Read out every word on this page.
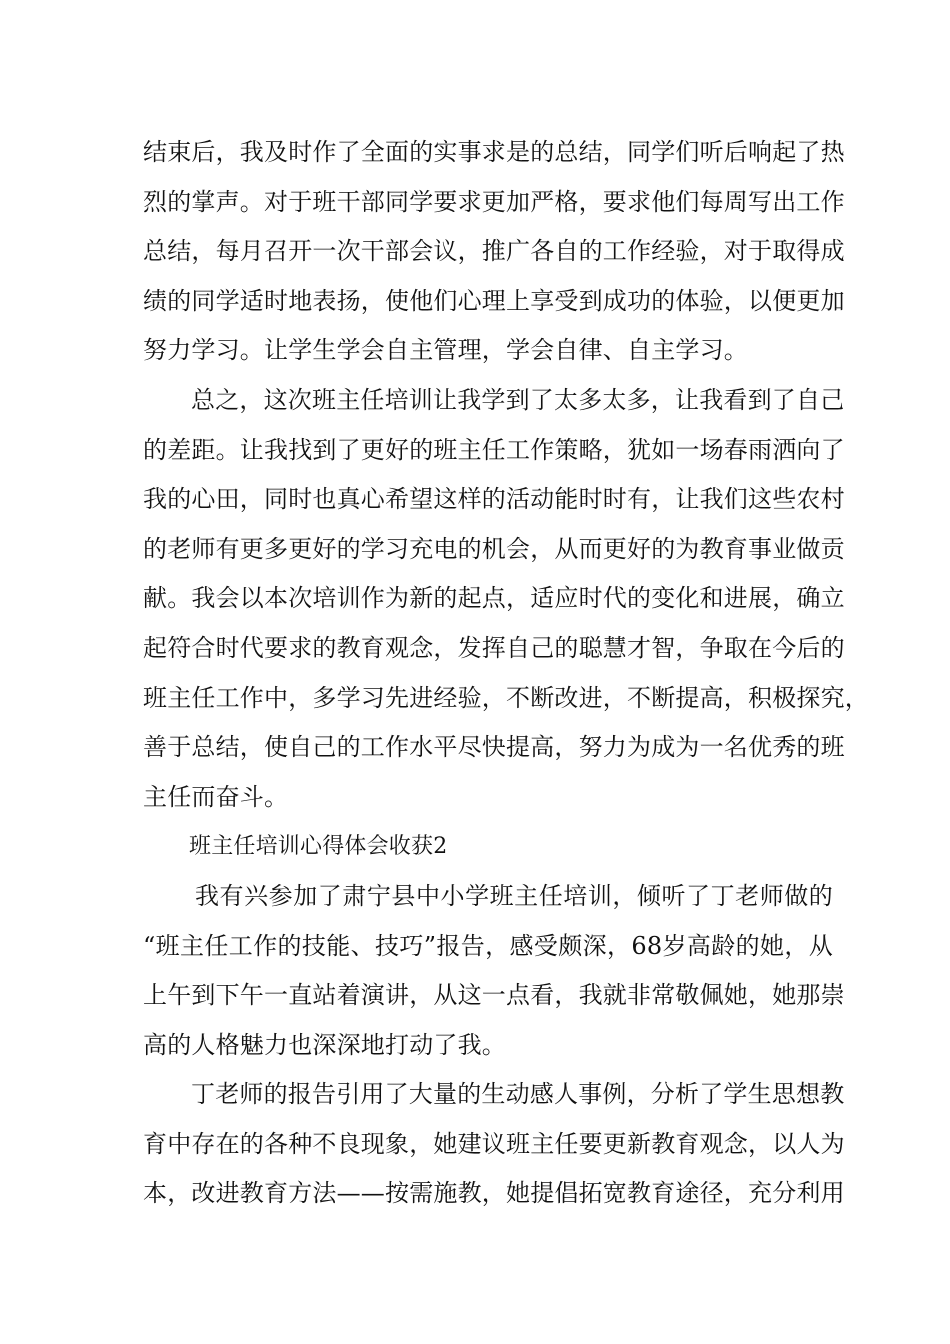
结束后，我及时作了全面的实事求是的总结，同学们听后响起了热
烈的掌声。对于班干部同学要求更加严格，要求他们每周写出工作
总结，每月召开一次干部会议，推广各自的工作经验，对于取得成
绩的同学适时地表扬，使他们心理上享受到成功的体验，以便更加
努力学习。让学生学会自主管理，学会自律、自主学习。
总之，这次班主任培训让我学到了太多太多，让我看到了自己
的差距。让我找到了更好的班主任工作策略，犹如一场春雨洒向了
我的心田，同时也真心希望这样的活动能时时有，让我们这些农村
的老师有更多更好的学习充电的机会，从而更好的为教育事业做贡
献。我会以本次培训作为新的起点，适应时代的变化和进展，确立
起符合时代要求的教育观念，发挥自己的聪慧才智，争取在今后的
班主任工作中，多学习先进经验，不断改进，不断提高，积极探究，
善于总结，使自己的工作水平尽快提高，努力为成为一名优秀的班
主任而奋斗。
班主任培训心得体会收获2
我有兴参加了肃宁县中小学班主任培训，倾听了丁老师做的
“班主任工作的技能、技巧”报告，感受颇深，68岁高龄的她，从
上午到下午一直站着演讲，从这一点看，我就非常敬佩她，她那崇
高的人格魅力也深深地打动了我。
丁老师的报告引用了大量的生动感人事例，分析了学生思想教
育中存在的各种不良现象，她建议班主任要更新教育观念，以人为
本，改进教育方法——按需施教，她提倡拓宽教育途径，充分利用
